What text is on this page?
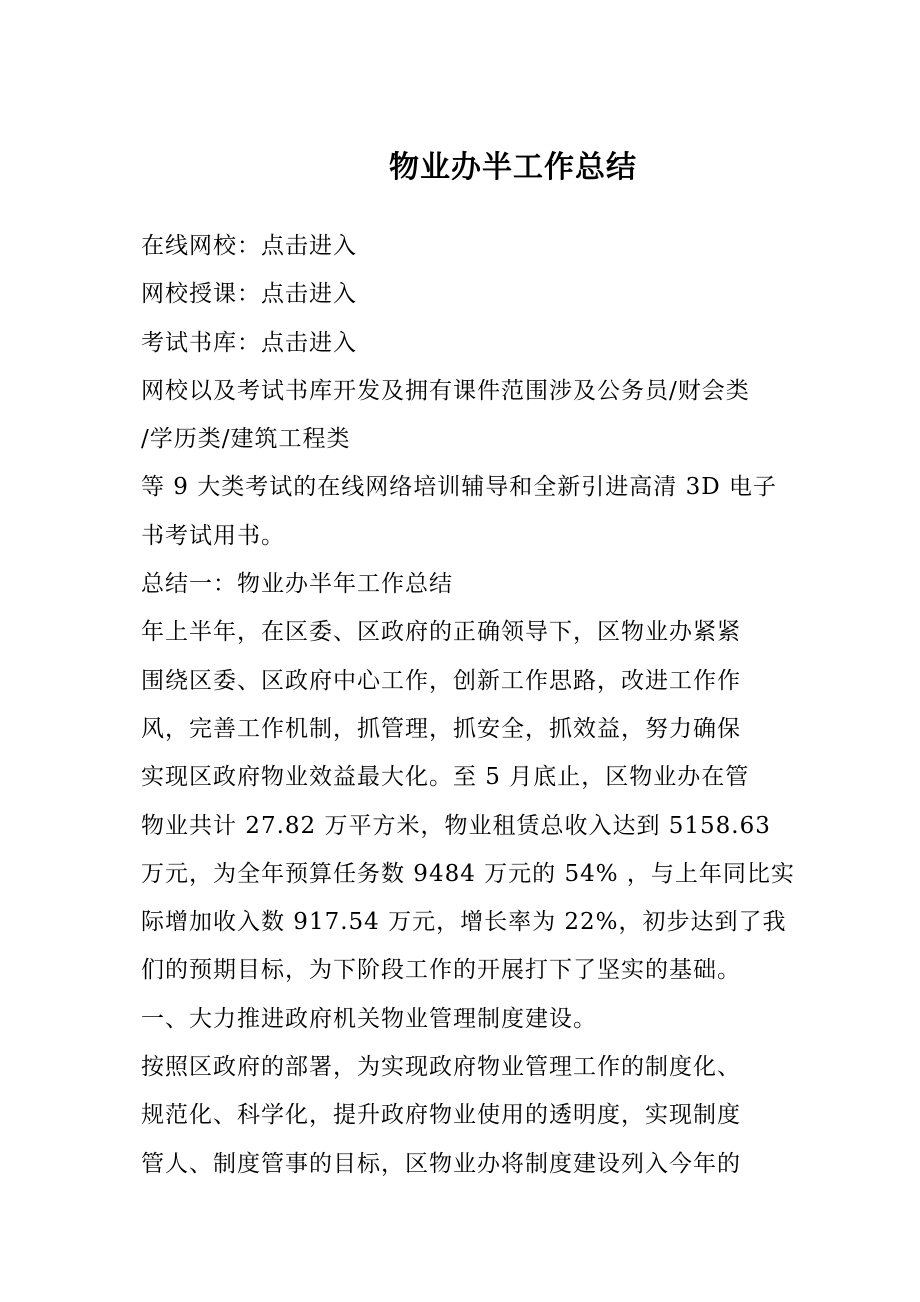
物业办半工作总结
在线网校：点击进入
网校授课：点击进入
考试书库：点击进入
网校以及考试书库开发及拥有课件范围涉及公务员/财会类
/学历类/建筑工程类
等 9 大类考试的在线网络培训辅导和全新引进高清 3D 电子
书考试用书。
总结一：物业办半年工作总结
年上半年，在区委、区政府的正确领导下，区物业办紧紧
围绕区委、区政府中心工作，创新工作思路，改进工作作
风，完善工作机制，抓管理，抓安全，抓效益，努力确保
实现区政府物业效益最大化。至 5 月底止，区物业办在管
物业共计 27.82 万平方米，物业租赁总收入达到 5158.63
万元，为全年预算任务数 9484 万元的 54% ，与上年同比实
际增加收入数 917.54 万元，增长率为 22%，初步达到了我
们的预期目标，为下阶段工作的开展打下了坚实的基础。
一、大力推进政府机关物业管理制度建设。
按照区政府的部署，为实现政府物业管理工作的制度化、
规范化、科学化，提升政府物业使用的透明度，实现制度
管人、制度管事的目标，区物业办将制度建设列入今年的
